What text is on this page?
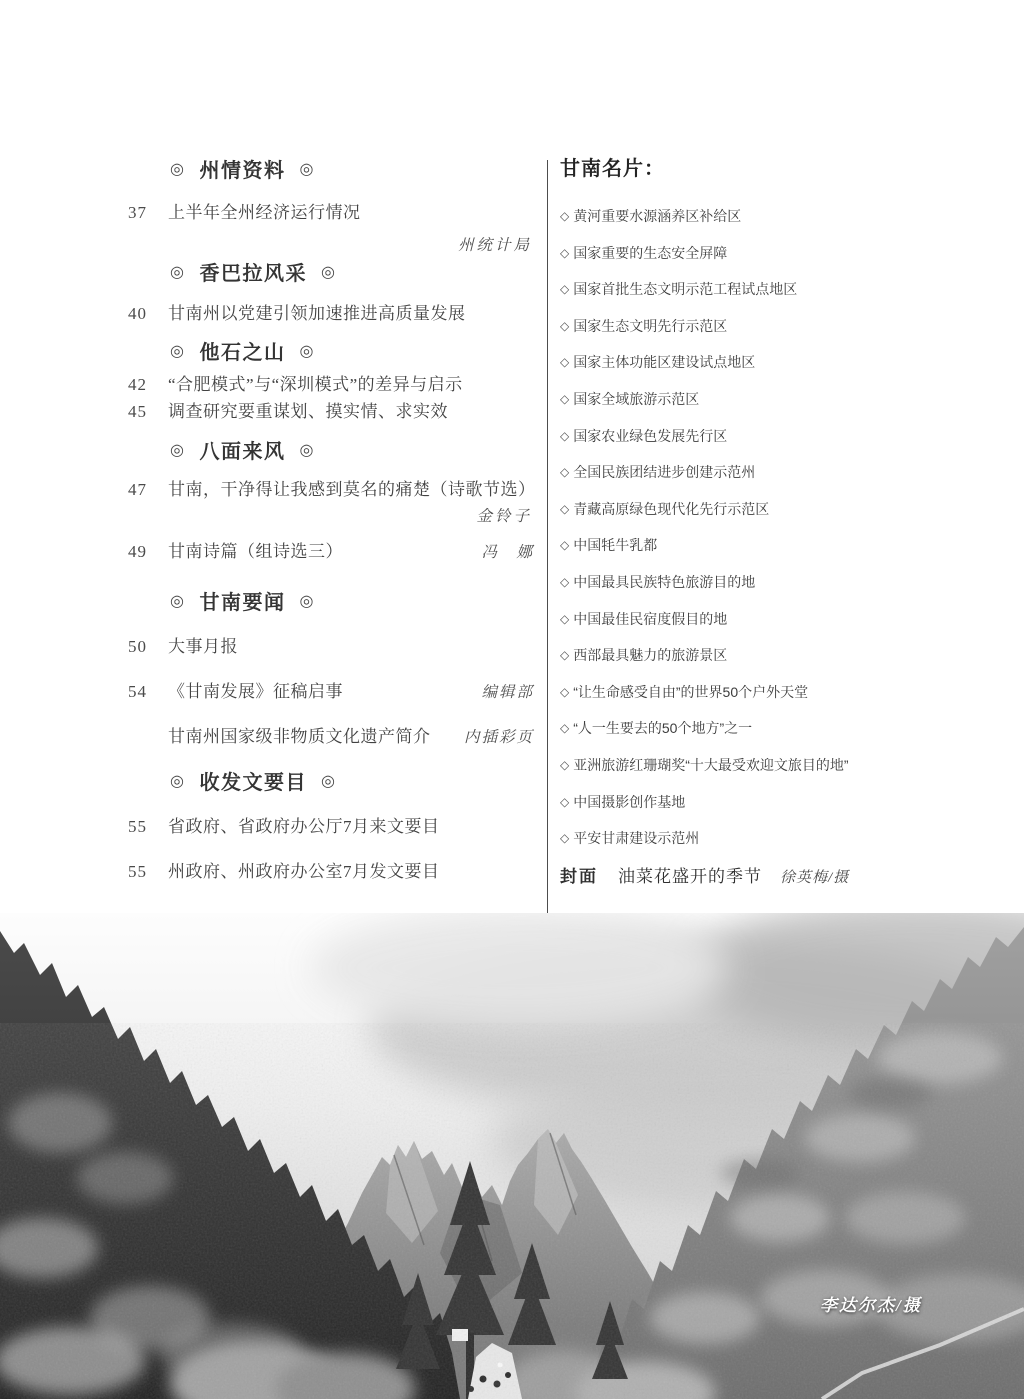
◎ 州情资料 ◎
37	上半年全州经济运行情况
州统计局
◎ 香巴拉风采 ◎
40	甘南州以党建引领加速推进高质量发展
◎ 他石之山 ◎
42	“合肥模式”与“深圳模式”的差异与启示
45	调查研究要重谋划、摸实情、求实效
◎ 八面来风 ◎
47	甘南，干净得让我感到莫名的痛楚（诗歌节选）
金铃子
49	甘南诗篇（组诗选三）	冯　娜
◎ 甘南要闻 ◎
50	大事月报
54	《甘南发展》征稿启事	编辑部
甘南州国家级非物质文化遗产简介 内插彩页
◎ 收发文要目 ◎
55	省政府、省政府办公厅7月来文要目
55	州政府、州政府办公室7月发文要目
甘南名片：
◇ 黄河重要水源涵养区补给区
◇ 国家重要的生态安全屏障
◇ 国家首批生态文明示范工程试点地区
◇ 国家生态文明先行示范区
◇ 国家主体功能区建设试点地区
◇ 国家全域旅游示范区
◇ 国家农业绿色发展先行区
◇ 全国民族团结进步创建示范州
◇ 青藏高原绿色现代化先行示范区
◇ 中国牦牛乳都
◇ 中国最具民族特色旅游目的地
◇ 中国最佳民宿度假目的地
◇ 西部最具魅力的旅游景区
◇ “让生命感受自由”的世界50个户外天堂
◇ “人一生要去的50个地方”之一
◇ 亚洲旅游红珊瑚奖“十大最受欢迎文旅目的地”
◇ 中国摄影创作基地
◇ 平安甘肃建设示范州
封面 油菜花盛开的季节 徐英梅/摄
李达尔杰/摄
